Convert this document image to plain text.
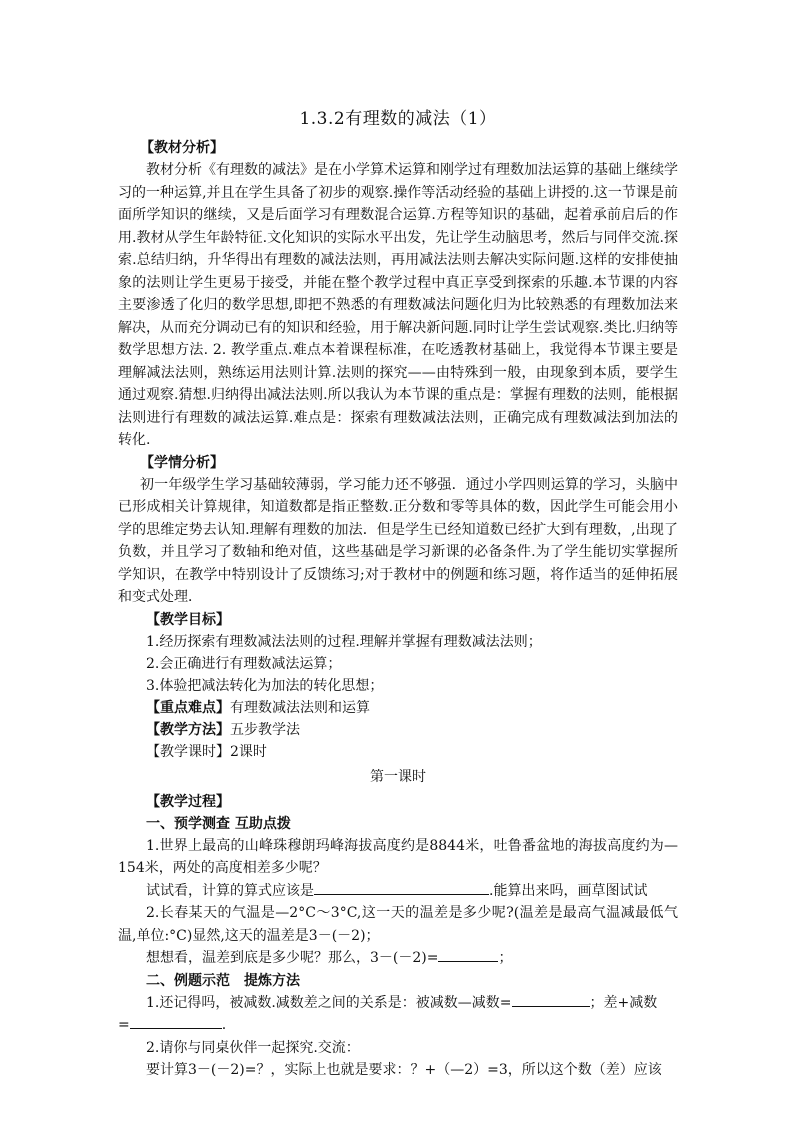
1.3.2有理数的减法（1）
【教材分析】

教材分析《有理数的减法》是在小学算术运算和刚学过有理数加法运算的基础上继续学习的一种运算,并且在学生具备了初步的观察.操作等活动经验的基础上讲授的.这一节课是前面所学知识的继续，又是后面学习有理数混合运算.方程等知识的基础，起着承前启后的作用.教材从学生年龄特征.文化知识的实际水平出发，先让学生动脑思考，然后与同伴交流.探索.总结归纳，升华得出有理数的减法法则，再用减法法则去解决实际问题.这样的安排使抽象的法则让学生更易于接受，并能在整个教学过程中真正享受到探索的乐趣.本节课的内容主要渗透了化归的数学思想,即把不熟悉的有理数减法问题化归为比较熟悉的有理数加法来解决，从而充分调动已有的知识和经验，用于解决新问题.同时让学生尝试观察.类比.归纳等数学思想方法. 2. 教学重点.难点本着课程标准，在吃透教材基础上，我觉得本节课主要是理解减法法则，熟练运用法则计算.法则的探究——由特殊到一般，由现象到本质，要学生通过观察.猜想.归纳得出减法法则.所以我认为本节课的重点是：掌握有理数的法则，能根据法则进行有理数的减法运算.难点是：探索有理数减法法则，正确完成有理数减法到加法的转化.

【学情分析】

初一年级学生学习基础较薄弱，学习能力还不够强．通过小学四则运算的学习，头脑中已形成相关计算规律，知道数都是指正整数.正分数和零等具体的数，因此学生可能会用小学的思维定势去认知.理解有理数的加法．但是学生已经知道数已经扩大到有理数，,出现了负数，并且学习了数轴和绝对值，这些基础是学习新课的必备条件.为了学生能切实掌握所学知识，在教学中特别设计了反馈练习;对于教材中的例题和练习题，将作适当的延伸拓展和变式处理．

【教学目标】
1.经历探索有理数减法法则的过程.理解并掌握有理数减法法则；
2.会正确进行有理数减法运算；
3.体验把减法转化为加法的转化思想；
【重点难点】有理数减法法则和运算
【教学方法】五步教学法
【教学课时】2课时
第一课时
【教学过程】
一、预学测查 互助点拨

1.世界上最高的山峰珠穆朗玛峰海拔高度约是8844米，吐鲁番盆地的海拔高度约为—154米，两处的高度相差多少呢？

试试看，计算的算式应该是	.能算出来吗，画草图试试

2.长春某天的气温是—2°C～3°C,这一天的温差是多少呢?(温差是最高气温减最低气温,单位:°C)显然,这天的温差是3－(－2)；

想想看，温差到底是多少呢？那么，3－(－2)=	；

二、例题示范　提炼方法

1.还记得吗，被减数.减数差之间的关系是：被减数—减数=	；差+减数

=	.

2.请你与同桌伙伴一起探究.交流：

要计算3－(－2)=？，实际上也就是要求：？+（—2）=3，所以这个数（差）应该
